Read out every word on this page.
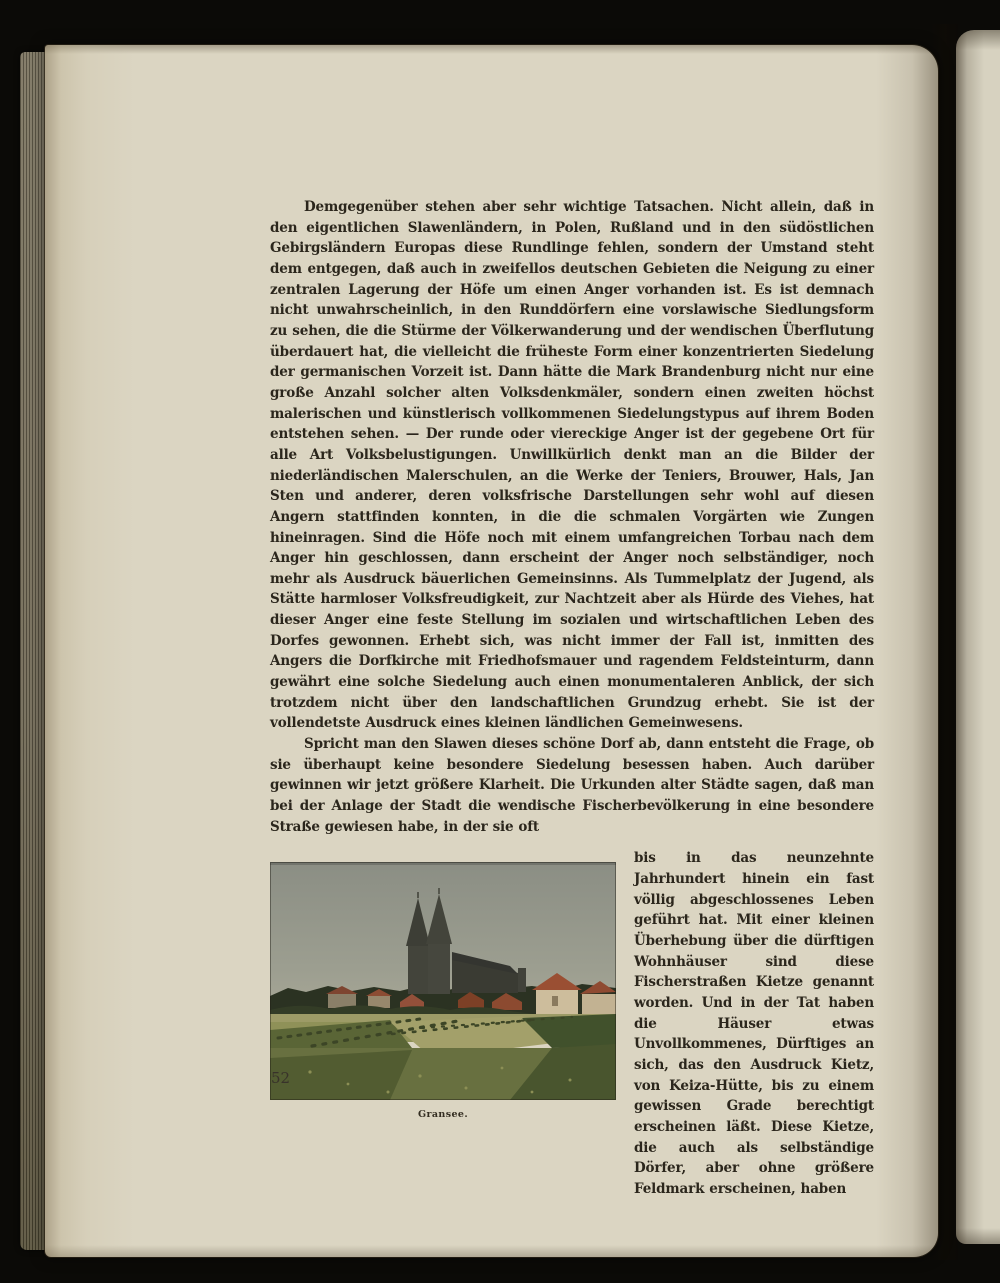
Demgegenüber stehen aber sehr wichtige Tatsachen. Nicht allein, daß in den eigentlichen Slawenländern, in Polen, Rußland und in den südöstlichen Gebirgsländern Europas diese Rundlinge fehlen, sondern der Umstand steht dem entgegen, daß auch in zweifellos deutschen Gebieten die Neigung zu einer zentralen Lagerung der Höfe um einen Anger vorhanden ist. Es ist demnach nicht unwahrscheinlich, in den Runddörfern eine vorslawische Siedlungsform zu sehen, die die Stürme der Völkerwanderung und der wendischen Überflutung überdauert hat, die vielleicht die früheste Form einer konzentrierten Siedelung der germanischen Vorzeit ist. Dann hätte die Mark Brandenburg nicht nur eine große Anzahl solcher alten Volksdenkmäler, sondern einen zweiten höchst malerischen und künstlerisch vollkommenen Siedelungstypus auf ihrem Boden entstehen sehen. — Der runde oder viereckige Anger ist der gegebene Ort für alle Art Volksbelustigungen. Unwillkürlich denkt man an die Bilder der niederländischen Malerschulen, an die Werke der Teniers, Brouwer, Hals, Jan Sten und anderer, deren volksfrische Darstellungen sehr wohl auf diesen Angern stattfinden konnten, in die die schmalen Vorgärten wie Zungen hineinragen. Sind die Höfe noch mit einem umfangreichen Torbau nach dem Anger hin geschlossen, dann erscheint der Anger noch selbständiger, noch mehr als Ausdruck bäuerlichen Gemeinsinns. Als Tummelplatz der Jugend, als Stätte harmloser Volksfreudigkeit, zur Nachtzeit aber als Hürde des Viehes, hat dieser Anger eine feste Stellung im sozialen und wirtschaftlichen Leben des Dorfes gewonnen. Erhebt sich, was nicht immer der Fall ist, inmitten des Angers die Dorfkirche mit Friedhofsmauer und ragendem Feldsteinturm, dann gewährt eine solche Siedelung auch einen monumentaleren Anblick, der sich trotzdem nicht über den landschaftlichen Grundzug erhebt. Sie ist der vollendetste Ausdruck eines kleinen ländlichen Gemeinwesens.

Spricht man den Slawen dieses schöne Dorf ab, dann entsteht die Frage, ob sie überhaupt keine besondere Siedelung besessen haben. Auch darüber gewinnen wir jetzt größere Klarheit. Die Urkunden alter Städte sagen, daß man bei der Anlage der Stadt die wendische Fischerbevölkerung in eine besondere Straße gewiesen habe, in der sie oft

Gransee.
bis in das neunzehnte Jahrhundert hinein ein fast völlig abgeschlossenes Leben geführt hat. Mit einer kleinen Überhebung über die dürftigen Wohnhäuser sind diese Fischerstraßen Kietze genannt worden. Und in der Tat haben die Häuser etwas Unvollkommenes, Dürftiges an sich, das den Ausdruck Kietz, von Keiza-Hütte, bis zu einem gewissen Grade berechtigt erscheinen läßt. Diese Kietze, die auch als selbständige Dörfer, aber ohne größere Feldmark erscheinen, haben
52
